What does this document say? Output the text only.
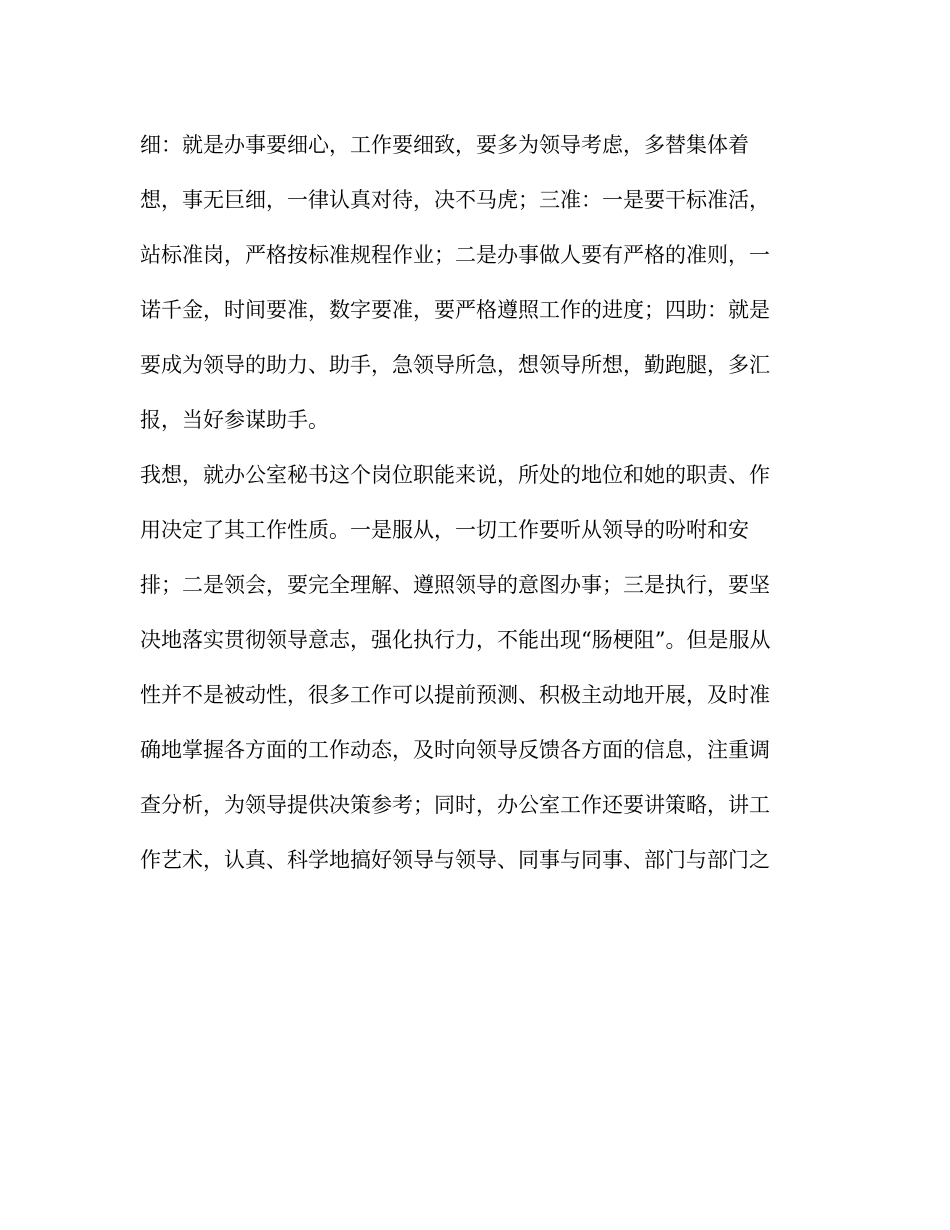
细：就是办事要细心，工作要细致，要多为领导考虑，多替集体着
想，事无巨细，一律认真对待，决不马虎；三准：一是要干标准活，
站标准岗，严格按标准规程作业；二是办事做人要有严格的准则，一
诺千金，时间要准，数字要准，要严格遵照工作的进度；四助：就是
要成为领导的助力、助手，急领导所急，想领导所想，勤跑腿，多汇
报，当好参谋助手。
我想，就办公室秘书这个岗位职能来说，所处的地位和她的职责、作
用决定了其工作性质。一是服从，一切工作要听从领导的吩咐和安
排；二是领会，要完全理解、遵照领导的意图办事；三是执行，要坚
决地落实贯彻领导意志，强化执行力，不能出现“肠梗阻”。但是服从
性并不是被动性，很多工作可以提前预测、积极主动地开展，及时准
确地掌握各方面的工作动态，及时向领导反馈各方面的信息，注重调
查分析，为领导提供决策参考；同时，办公室工作还要讲策略，讲工
作艺术，认真、科学地搞好领导与领导、同事与同事、部门与部门之
